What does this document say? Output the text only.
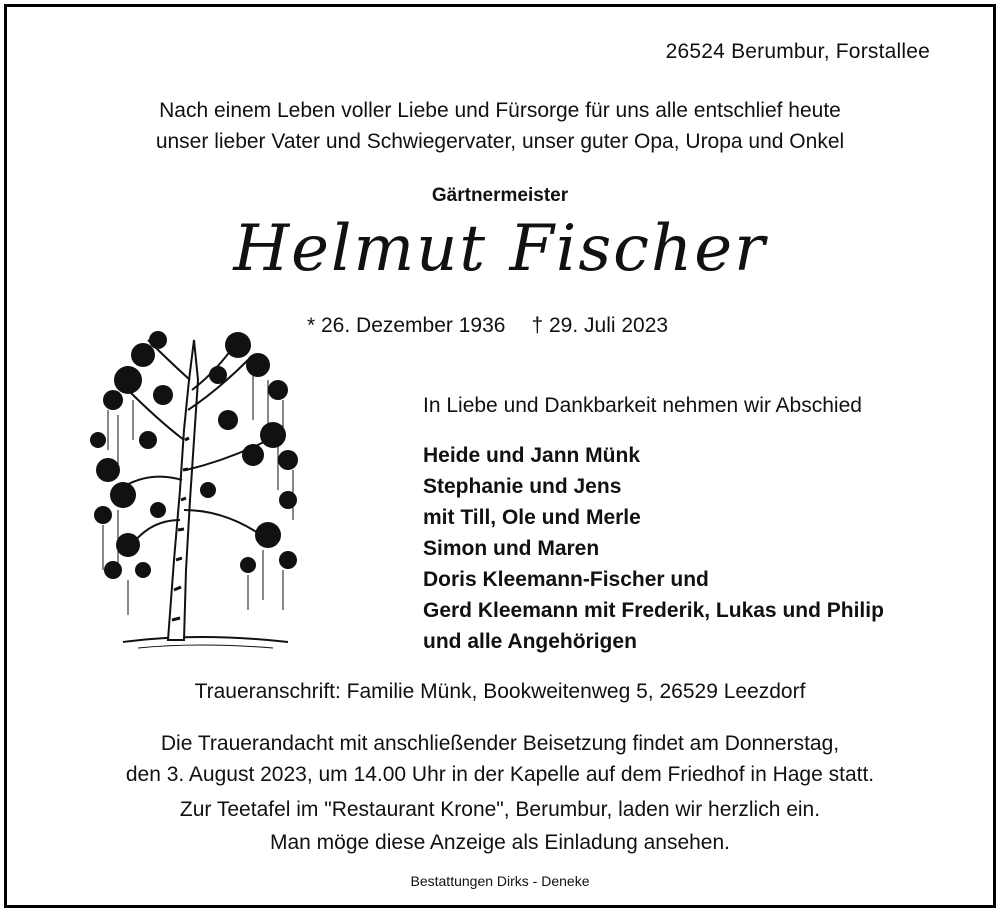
26524 Berumbur, Forstallee
Nach einem Leben voller Liebe und Fürsorge für uns alle entschlief heute
unser lieber Vater und Schwiegervater, unser guter Opa, Uropa und Onkel
Gärtnermeister
Helmut Fischer
* 26. Dezember 1936 † 29. Juli 2023
In Liebe und Dankbarkeit nehmen wir Abschied
Heide und Jann Münk
Stephanie und Jens
mit Till, Ole und Merle
Simon und Maren
Doris Kleemann-Fischer und
Gerd Kleemann mit Frederik, Lukas und Philip
und alle Angehörigen
Traueranschrift: Familie Münk, Bookweitenweg 5, 26529 Leezdorf
Die Trauerandacht mit anschließender Beisetzung findet am Donnerstag,
den 3. August 2023, um 14.00 Uhr in der Kapelle auf dem Friedhof in Hage statt.
Zur Teetafel im "Restaurant Krone", Berumbur, laden wir herzlich ein.
Man möge diese Anzeige als Einladung ansehen.
Bestattungen Dirks - Deneke
